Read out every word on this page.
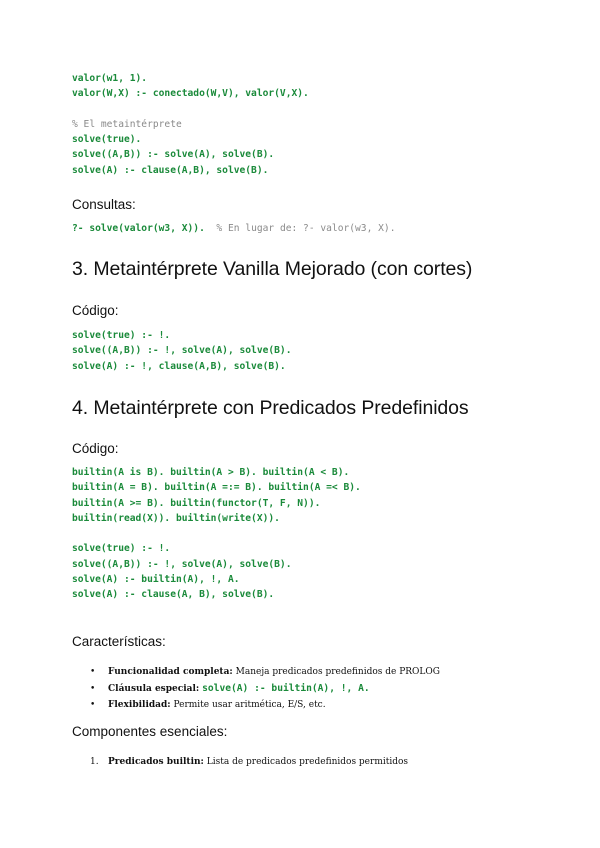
valor(w1, 1).
valor(W,X) :- conectado(W,V), valor(V,X).
% El metaintérprete
solve(true).
solve((A,B)) :- solve(A), solve(B).
solve(A) :- clause(A,B), solve(B).
Consultas:
?- solve(valor(w3, X)).  % En lugar de: ?- valor(w3, X).
3. Metaintérprete Vanilla Mejorado (con cortes)
Código:
solve(true) :- !.
solve((A,B)) :- !, solve(A), solve(B).
solve(A) :- !, clause(A,B), solve(B).
4. Metaintérprete con Predicados Predefinidos
Código:
builtin(A is B). builtin(A > B). builtin(A < B).
builtin(A = B). builtin(A =:= B). builtin(A =< B).
builtin(A >= B). builtin(functor(T, F, N)).
builtin(read(X)). builtin(write(X)).
solve(true) :- !.
solve((A,B)) :- !, solve(A), solve(B).
solve(A) :- builtin(A), !, A.
solve(A) :- clause(A, B), solve(B).
Características:
• Funcionalidad completa: Maneja predicados predefinidos de PROLOG
• Cláusula especial: solve(A) :- builtin(A), !, A.
• Flexibilidad: Permite usar aritmética, E/S, etc.
Componentes esenciales:
1. Predicados builtin: Lista de predicados predefinidos permitidos
